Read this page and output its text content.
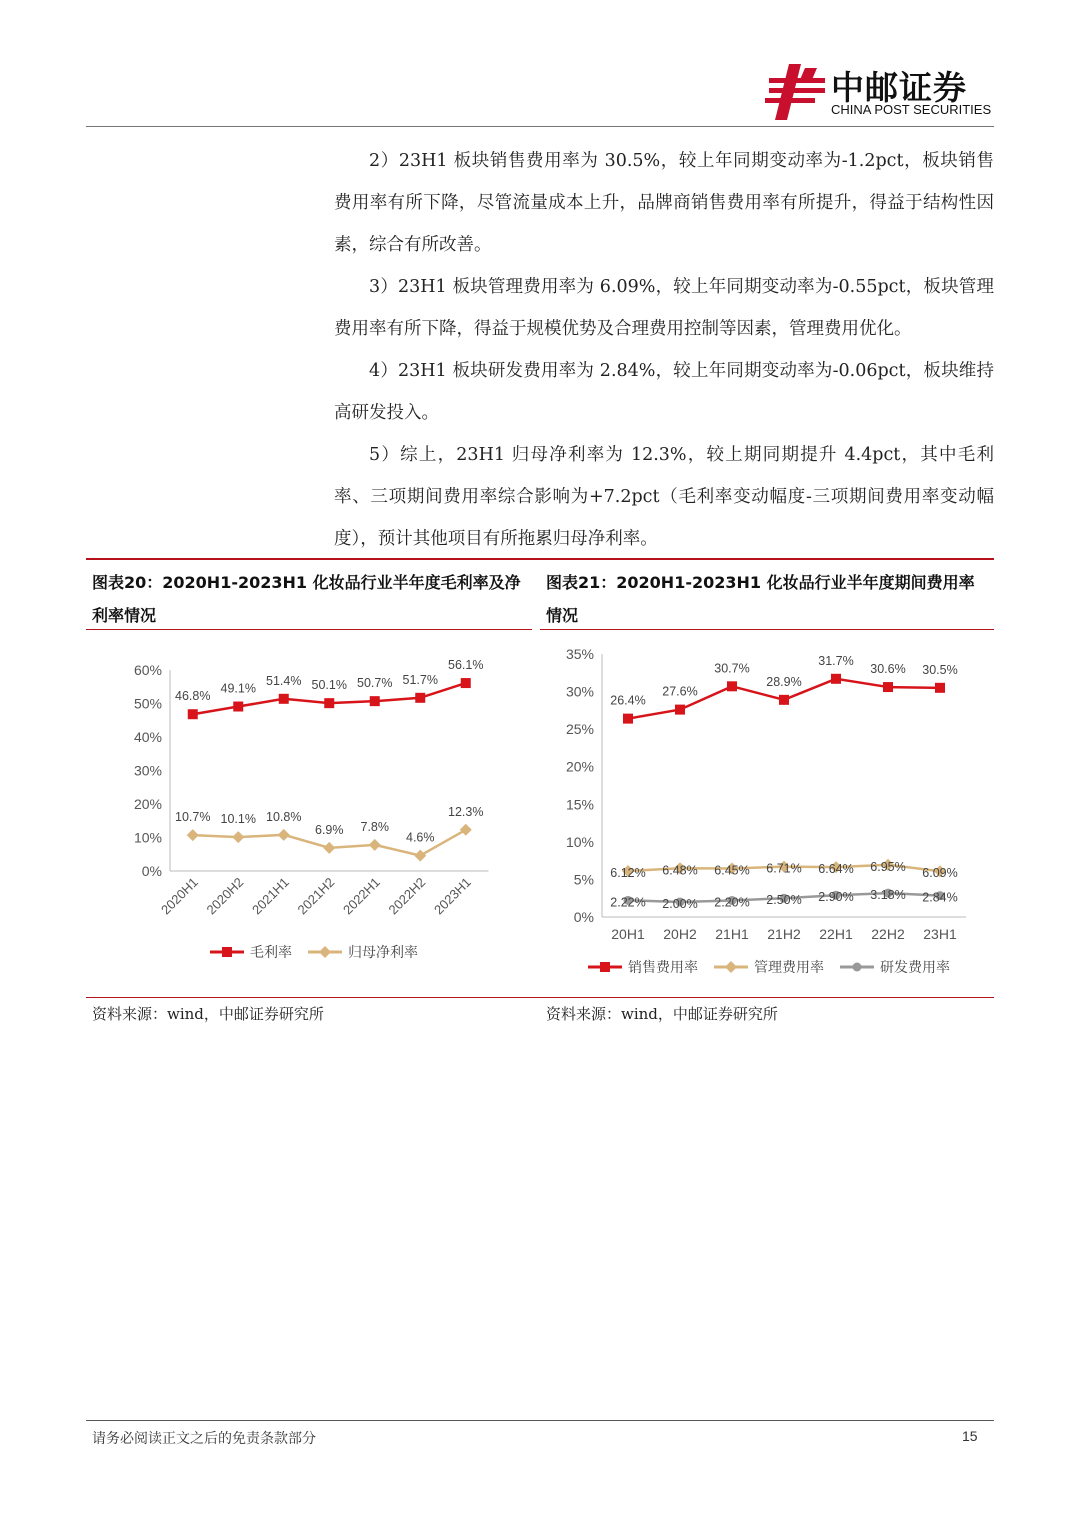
中邮证券
CHINA POST SECURITIES

2）23H1 板块销售费用率为 30.5%，较上年同期变动率为-1.2pct，板块销售费用率有所下降，尽管流量成本上升，品牌商销售费用率有所提升，得益于结构性因素，综合有所改善。

3）23H1 板块管理费用率为 6.09%，较上年同期变动率为-0.55pct，板块管理费用率有所下降，得益于规模优势及合理费用控制等因素，管理费用优化。

4）23H1 板块研发费用率为 2.84%，较上年同期变动率为-0.06pct，板块维持高研发投入。

5）综上，23H1 归母净利率为 12.3%，较上期同期提升 4.4pct，其中毛利率、三项期间费用率综合影响为+7.2pct（毛利率变动幅度-三项期间费用率变动幅度），预计其他项目有所拖累归母净利率。

图表20：2020H1-2023H1 化妆品行业半年度毛利率及净利率情况
图表21：2020H1-2023H1 化妆品行业半年度期间费用率情况
0%
10%
20%
30%
40%
50%
60%
2020H1 2020H2 2021H1 2021H2 2022H1 2022H2 2023H1
46.8%
49.1%
51.4% 50.1% 50.7% 51.7%
56.1%
10.7% 10.1% 10.8%
6.9% 7.8%
4.6%
12.3%
毛利率	归母净利率
0%
5%
10%
15%
20%
25%
30%
35%
20H1 20H2 21H1 21H2 22H1 22H2 23H1
26.4%
27.6%
30.7%
28.9%
31.7%
30.6% 30.5%
6.12% 6.48% 6.45% 6.71% 6.64% 6.95% 6.09%
2.22% 2.00% 2.20% 2.50% 2.90% 3.18% 2.84%
销售费用率	管理费用率	研发费用率
资料来源：wind，中邮证券研究所	资料来源：wind，中邮证券研究所
请务必阅读正文之后的免责条款部分	15
